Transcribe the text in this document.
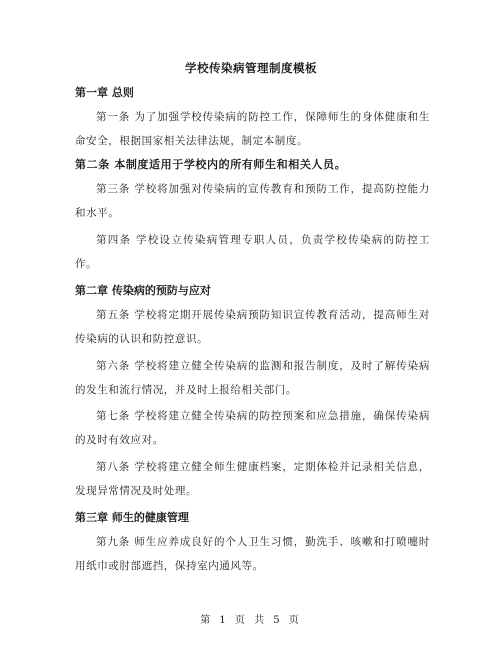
学校传染病管理制度模板
第一章 总则
第一条 为了加强学校传染病的防控工作，保障师生的身体健康和生命安全，根据国家相关法律法规，制定本制度。
第二条 本制度适用于学校内的所有师生和相关人员。
第三条 学校将加强对传染病的宣传教育和预防工作，提高防控能力和水平。
第四条 学校设立传染病管理专职人员，负责学校传染病的防控工作。
第二章 传染病的预防与应对
第五条 学校将定期开展传染病预防知识宣传教育活动，提高师生对传染病的认识和防控意识。
第六条 学校将建立健全传染病的监测和报告制度，及时了解传染病的发生和流行情况，并及时上报给相关部门。
第七条 学校将建立健全传染病的防控预案和应急措施，确保传染病的及时有效应对。
第八条 学校将建立健全师生健康档案，定期体检并记录相关信息，发现异常情况及时处理。
第三章 师生的健康管理
第九条 师生应养成良好的个人卫生习惯，勤洗手、咳嗽和打喷嚏时用纸巾或肘部遮挡，保持室内通风等。
第 1 页 共 5 页
